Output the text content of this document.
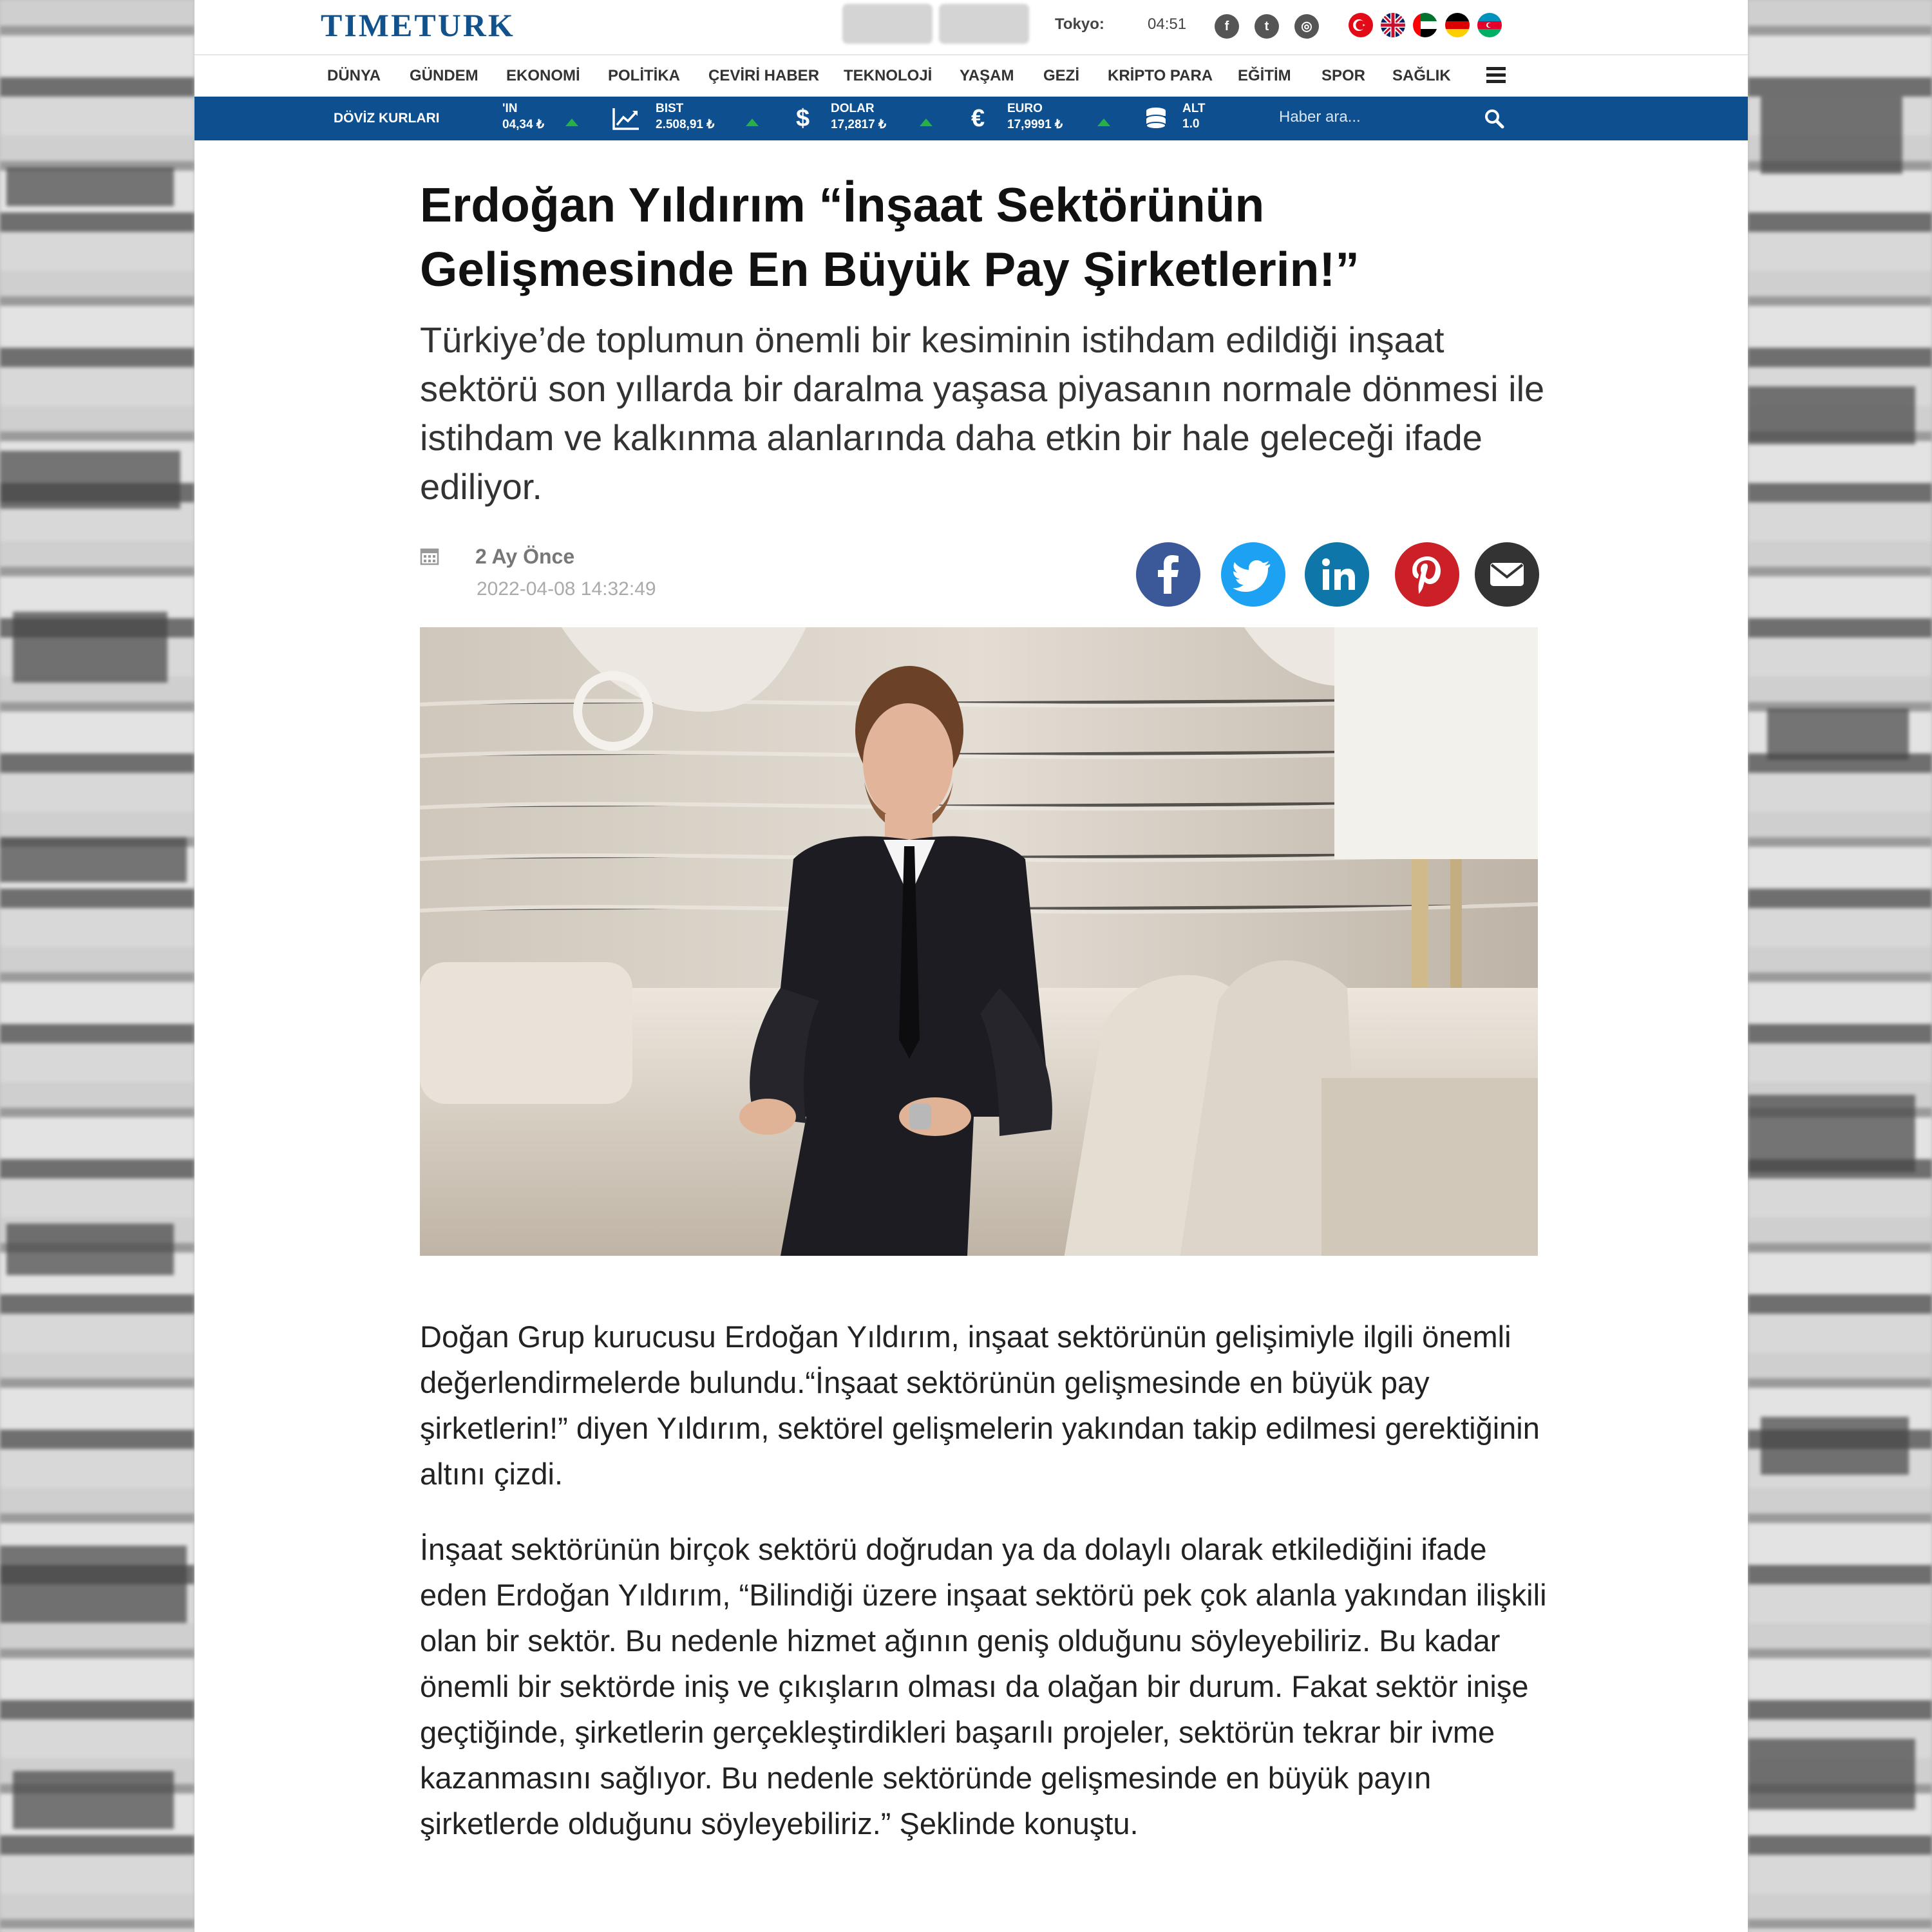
TIMETURK	Tokyo:	04:51	f	t	◎
DÜNYA GÜNDEM EKONOMİ POLİTİKA ÇEVİRİ HABER TEKNOLOJİ YAŞAM GEZİ KRİPTO PARA EĞİTİM SPOR SAĞLIK
DÖVİZ KURLARI
'IN
04,34 ₺
BIST
2.508,91 ₺	$ DOLAR
17,2817 ₺	€ EURO
17,9991 ₺
ALT
1.0	Haber ara...
Erdoğan Yıldırım “İnşaat Sektörünün Gelişmesinde En Büyük Pay Şirketlerin!”

Türkiye’de toplumun önemli bir kesiminin istihdam edildiği inşaat sektörü son yıllarda bir daralma yaşasa piyasanın normale dönmesi ile istihdam ve kalkınma alanlarında daha etkin bir hale geleceği ifade ediliyor.

2 Ay Önce
2022-04-08 14:32:49

Doğan Grup kurucusu Erdoğan Yıldırım, inşaat sektörünün gelişimiyle ilgili önemli değerlendirmelerde bulundu.“İnşaat sektörünün gelişmesinde en büyük pay şirketlerin!” diyen Yıldırım, sektörel gelişmelerin yakından takip edilmesi gerektiğinin altını çizdi.

İnşaat sektörünün birçok sektörü doğrudan ya da dolaylı olarak etkilediğini ifade eden Erdoğan Yıldırım, “Bilindiği üzere inşaat sektörü pek çok alanla yakından ilişkili olan bir sektör. Bu nedenle hizmet ağının geniş olduğunu söyleyebiliriz. Bu kadar önemli bir sektörde iniş ve çıkışların olması da olağan bir durum. Fakat sektör inişe geçtiğinde, şirketlerin gerçekleştirdikleri başarılı projeler, sektörün tekrar bir ivme kazanmasını sağlıyor. Bu nedenle sektöründe gelişmesinde en büyük payın şirketlerde olduğunu söyleyebiliriz.” Şeklinde konuştu.
